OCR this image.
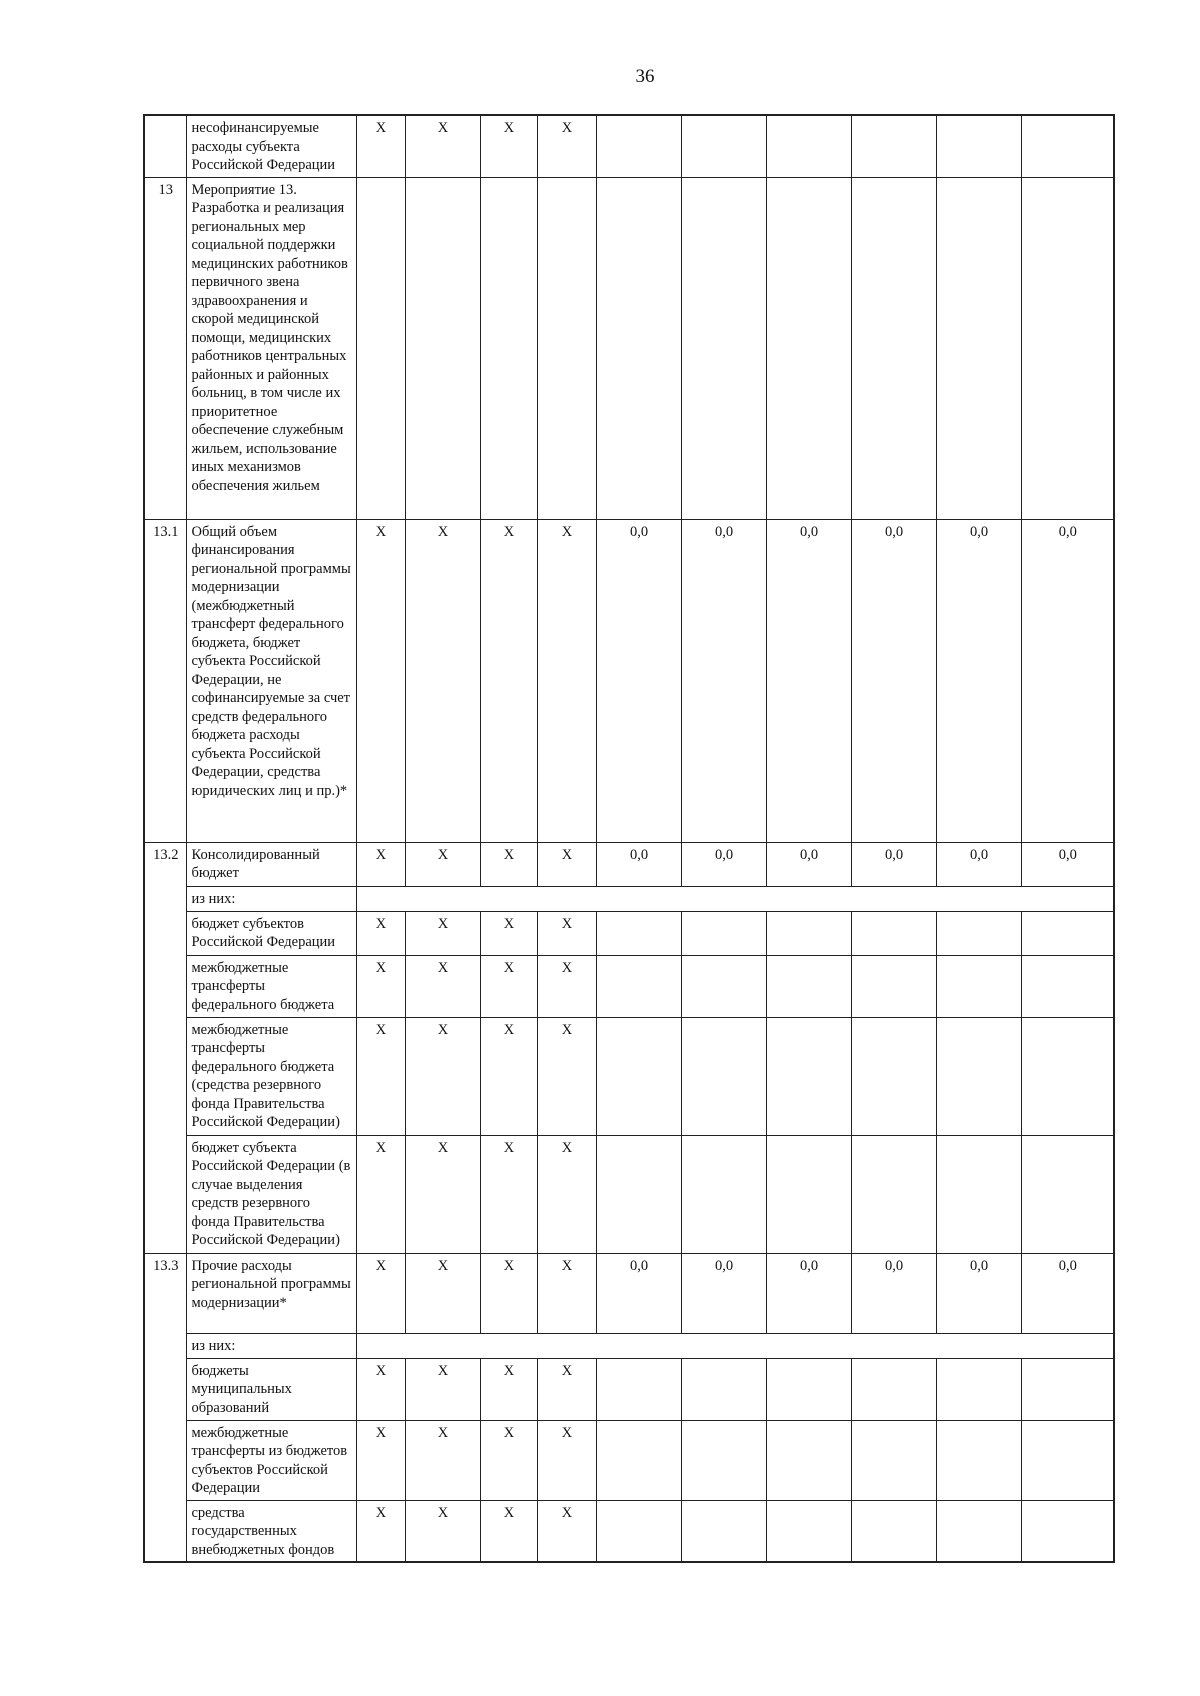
36
	несофинансируемые расходы субъекта Российской Федерации	Х	Х	Х	Х						
13	Мероприятие 13. Разработка и реализация региональных мер социальной поддержки медицинских работников первичного звена здравоохранения и скорой медицинской помощи, медицинских работников центральных районных и районных больниц, в том числе их приоритетное обеспечение служебным жильем, использование иных механизмов обеспечения жильем										
13.1	Общий объем финансирования региональной программы модернизации (межбюджетный трансферт федерального бюджета, бюджет субъекта Российской Федерации, не софинансируемые за счет средств федерального бюджета расходы субъекта Российской Федерации, средства юридических лиц и пр.)*	Х	Х	Х	Х	0,0	0,0	0,0	0,0	0,0	0,0
13.2	Консолидированный бюджет	Х	Х	Х	Х	0,0	0,0	0,0	0,0	0,0	0,0
	из них:										
	бюджет субъектов Российской Федерации	Х	Х	Х	Х						
	межбюджетные трансферты федерального бюджета	Х	Х	Х	Х						
	межбюджетные трансферты федерального бюджета (средства резервного фонда Правительства Российской Федерации)	Х	Х	Х	Х						
	бюджет субъекта Российской Федерации (в случае выделения средств резервного фонда Правительства Российской Федерации)	Х	Х	Х	Х						
13.3	Прочие расходы региональной программы модернизации*	Х	Х	Х	Х	0,0	0,0	0,0	0,0	0,0	0,0
	из них:										
	бюджеты муниципальных образований	Х	Х	Х	Х						
	межбюджетные трансферты из бюджетов субъектов Российской Федерации	Х	Х	Х	Х						
	средства государственных внебюджетных фондов	Х	Х	Х	Х						
